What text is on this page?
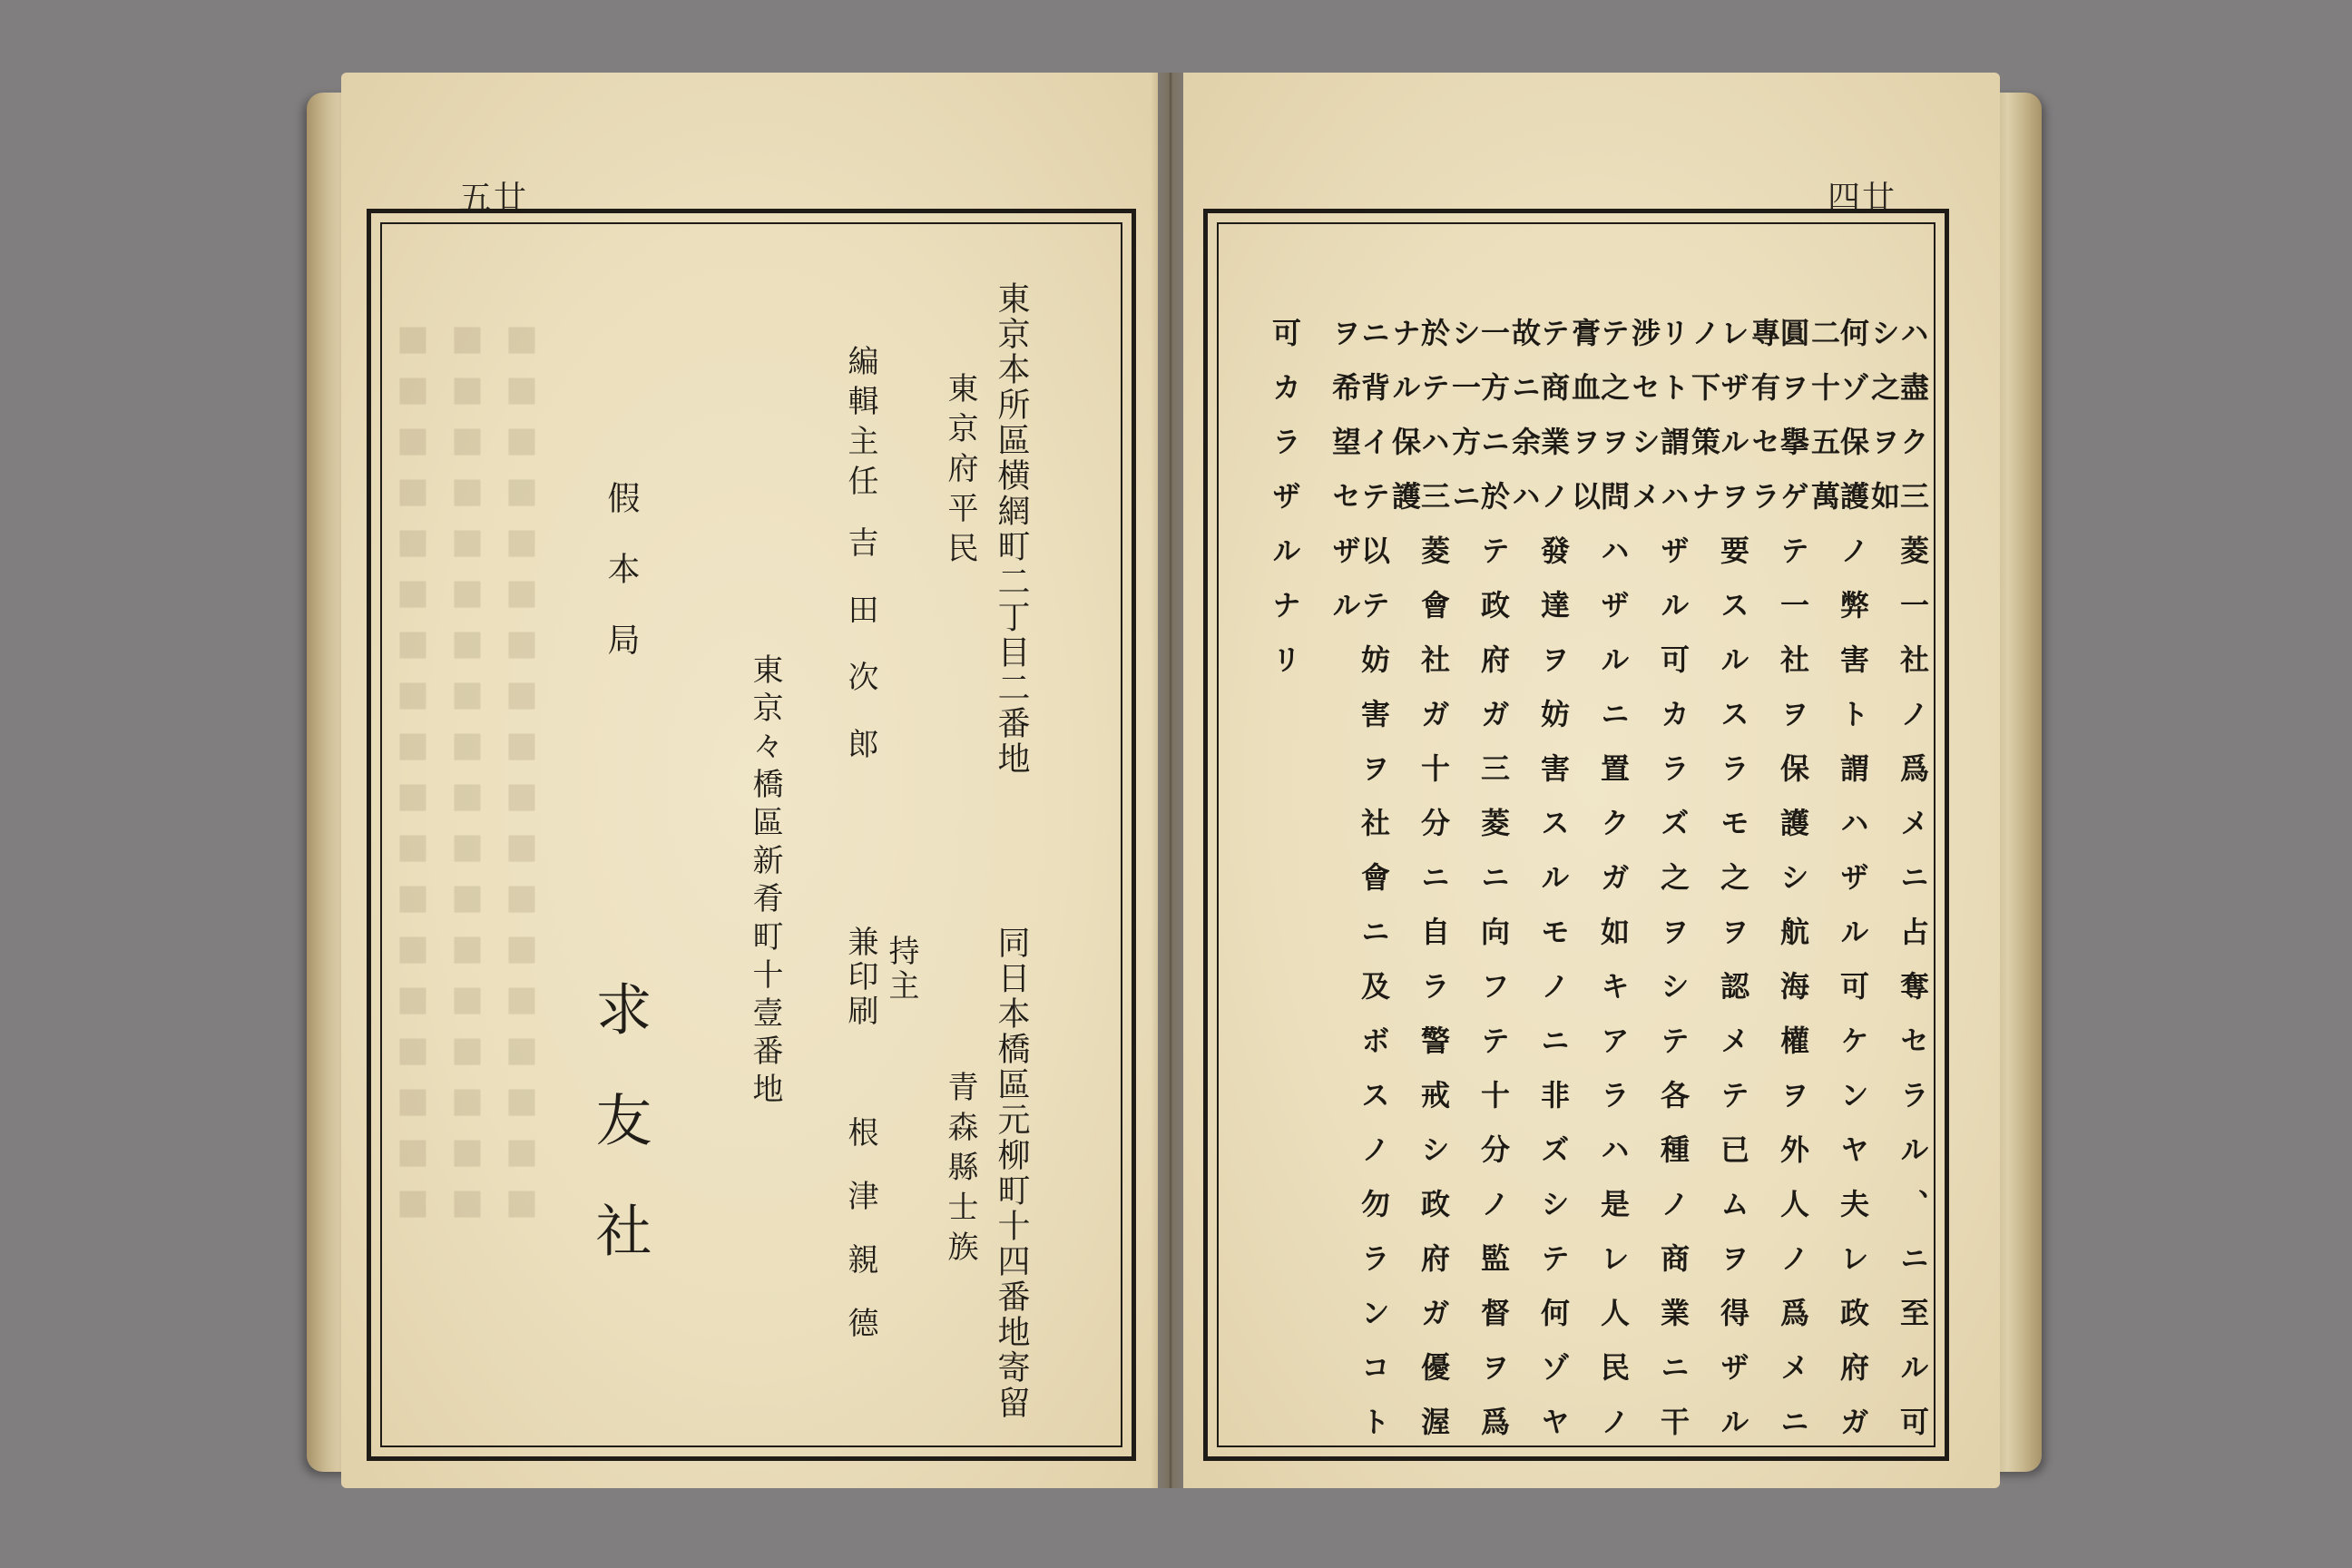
五廿
■■■■■■■■■■■■■■■■■■ ■■■■■■■■■■■■■■■■■■ ■■■■■■■■■■■■■■■■■■	東京本所區横網町二丁目二番地
東京府平民
編輯主任
吉田次郎
同日本橋區元柳町十四番地寄留
青森縣士族
持主
兼印刷
根津親德
東京々橋區新肴町十壹番地
假本局
求友社
四廿
ハ盡ク三菱一社ノ爲メニ占奪セラル、ニ至ル可シ之ヲ如
何ゾ保護ノ弊害ト謂ハザル可ケンヤ夫レ政府ガ二十五萬
圓ヲ擧ゲテ一社ヲ保護シ航海權ヲ外人ノ爲メニ專有セラ
レザルヲ要スルスラモ之ヲ認メテ已ムヲ得ザルノ下策ナ
リト謂ハザル可カラズ之ヲシテ各種ノ商業ニ干涉セシメ
テ之ヲ問ハザルニ置クガ如キアラハ是レ人民ノ膏血ヲ以
テ商業ノ發達ヲ妨害スルモノニ非ズシテ何ゾヤ故ニ余ハ
一方ニ於テ政府ガ三菱ニ向フテ十分ノ監督ヲ爲シ一方ニ
於テハ三菱會社ガ十分ニ自ラ警戒シ政府ガ優渥ナル保護
ニ背イテ以テ妨害ヲ社會ニ及ボスノ勿ランコトヲ希望セザル
可カラザルナリ
